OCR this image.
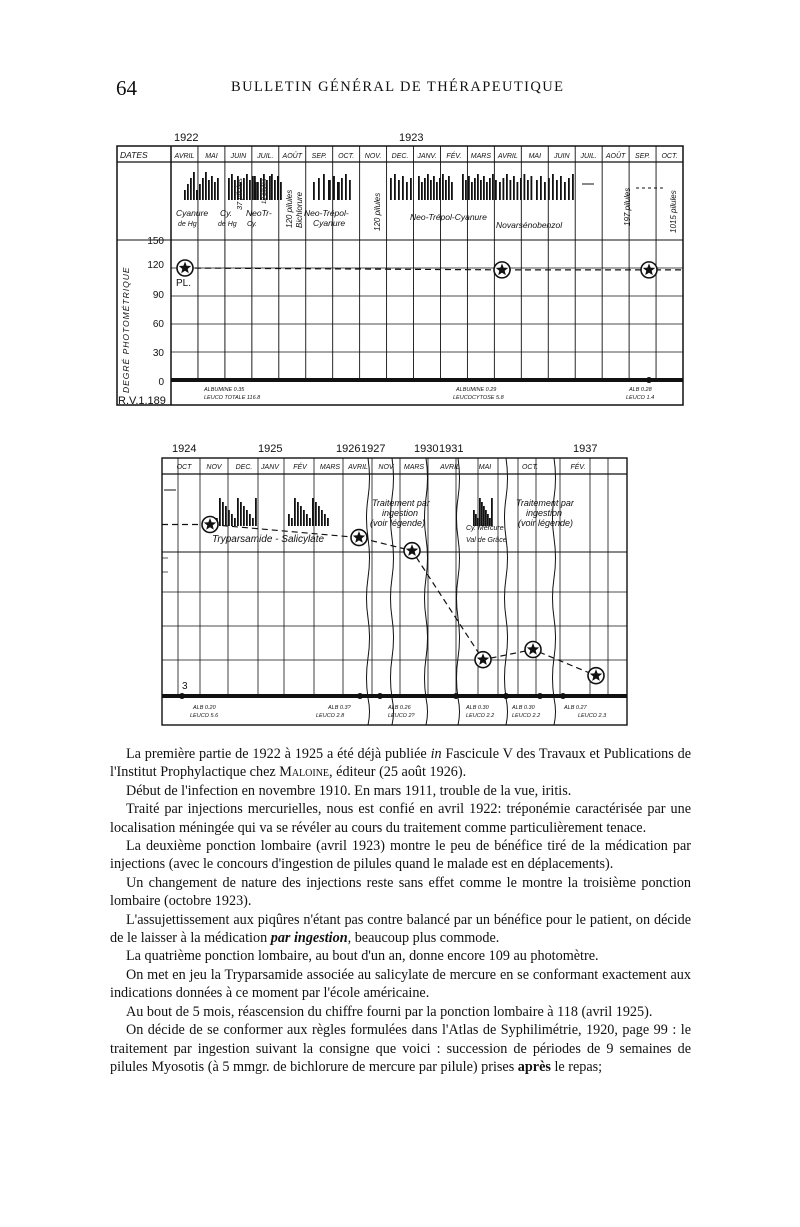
64	BULLETIN GÉNÉRAL DE THÉRAPEUTIQUE
1922	1923
DATES	AVRIL MAI JUIN JUIL. AOÛT SEP. OCT. NOV. DEC. JANV. FÉV. MARS AVRIL MAI JUIN JUIL. AOÛT SEP. OCT.
150
120
90
60
30
0
DEGRÉ PHOTOMÉTRIQUE
Cyanure
de Hg
Cy.
de Hg
NeoTr-
Cy.
Neo-Trépol-
Cyanure
Neo-Trépol-Cyanure
Novarsénobenzol
37 pilules	12 pilules 120 pilules Bichlorure	120 pilules	197 pilules	1015 pilules
PL.
ALBUMINE 0.35
LEUCO TOTALE 116.8
ALBUMINE 0.29
LEUCOCYTOSE 5.8
ALB 0.28
LEUCO 1.4
R.V.1.189
1924	1925	1926 1927	1930 1931	1937
OCT NOV DEC. JANV FÉV MARS AVRIL NOV MARS AVRIL	MAI	OCT.	FÉV.
Tryparsamide - Salicylate
Traitement par
ingestion
(voir légende)
Cy. Mercure
Val de Grâce
Traitement par
ingestion
(voir légende)
3
ALB 0.20
LEUCO 5.6
ALB 0.3?
LEUCO 2.8
ALB 0.26
LEUCO 2?
ALB 0.30
LEUCO 2.2
ALB 0.30
LEUCO 2.2
ALB 0.27
LEUCO 2.3

La première partie de 1922 à 1925 a été déjà publiée in Fascicule V des Travaux et Publications de l'Institut Prophylactique chez Maloine, éditeur (25 août 1926).

Début de l'infection en novembre 1910. En mars 1911, trouble de la vue, iritis.

Traité par injections mercurielles, nous est confié en avril 1922: tréponémie caractérisée par une localisation méningée qui va se révéler au cours du traitement comme particulièrement tenace.

La deuxième ponction lombaire (avril 1923) montre le peu de bénéfice tiré de la médication par injections (avec le concours d'ingestion de pilules quand le malade est en déplacements).

Un changement de nature des injections reste sans effet comme le montre la troisième ponction lombaire (octobre 1923).

L'assujettissement aux piqûres n'étant pas contre balancé par un bénéfice pour le patient, on décide de le laisser à la médication par ingestion, beaucoup plus commode.

La quatrième ponction lombaire, au bout d'un an, donne encore 109 au photomètre.

On met en jeu la Tryparsamide associée au salicylate de mercure en se conformant exactement aux indications données à ce moment par l'école américaine.

Au bout de 5 mois, réascension du chiffre fourni par la ponction lombaire à 118 (avril 1925).

On décide de se conformer aux règles formulées dans l'Atlas de Syphilimétrie, 1920, page 99 : le traitement par ingestion suivant la consigne que voici : succession de périodes de 9 semaines de pilules Myosotis (à 5 mmgr. de bichlorure de mercure par pilule) prises après le repas;
